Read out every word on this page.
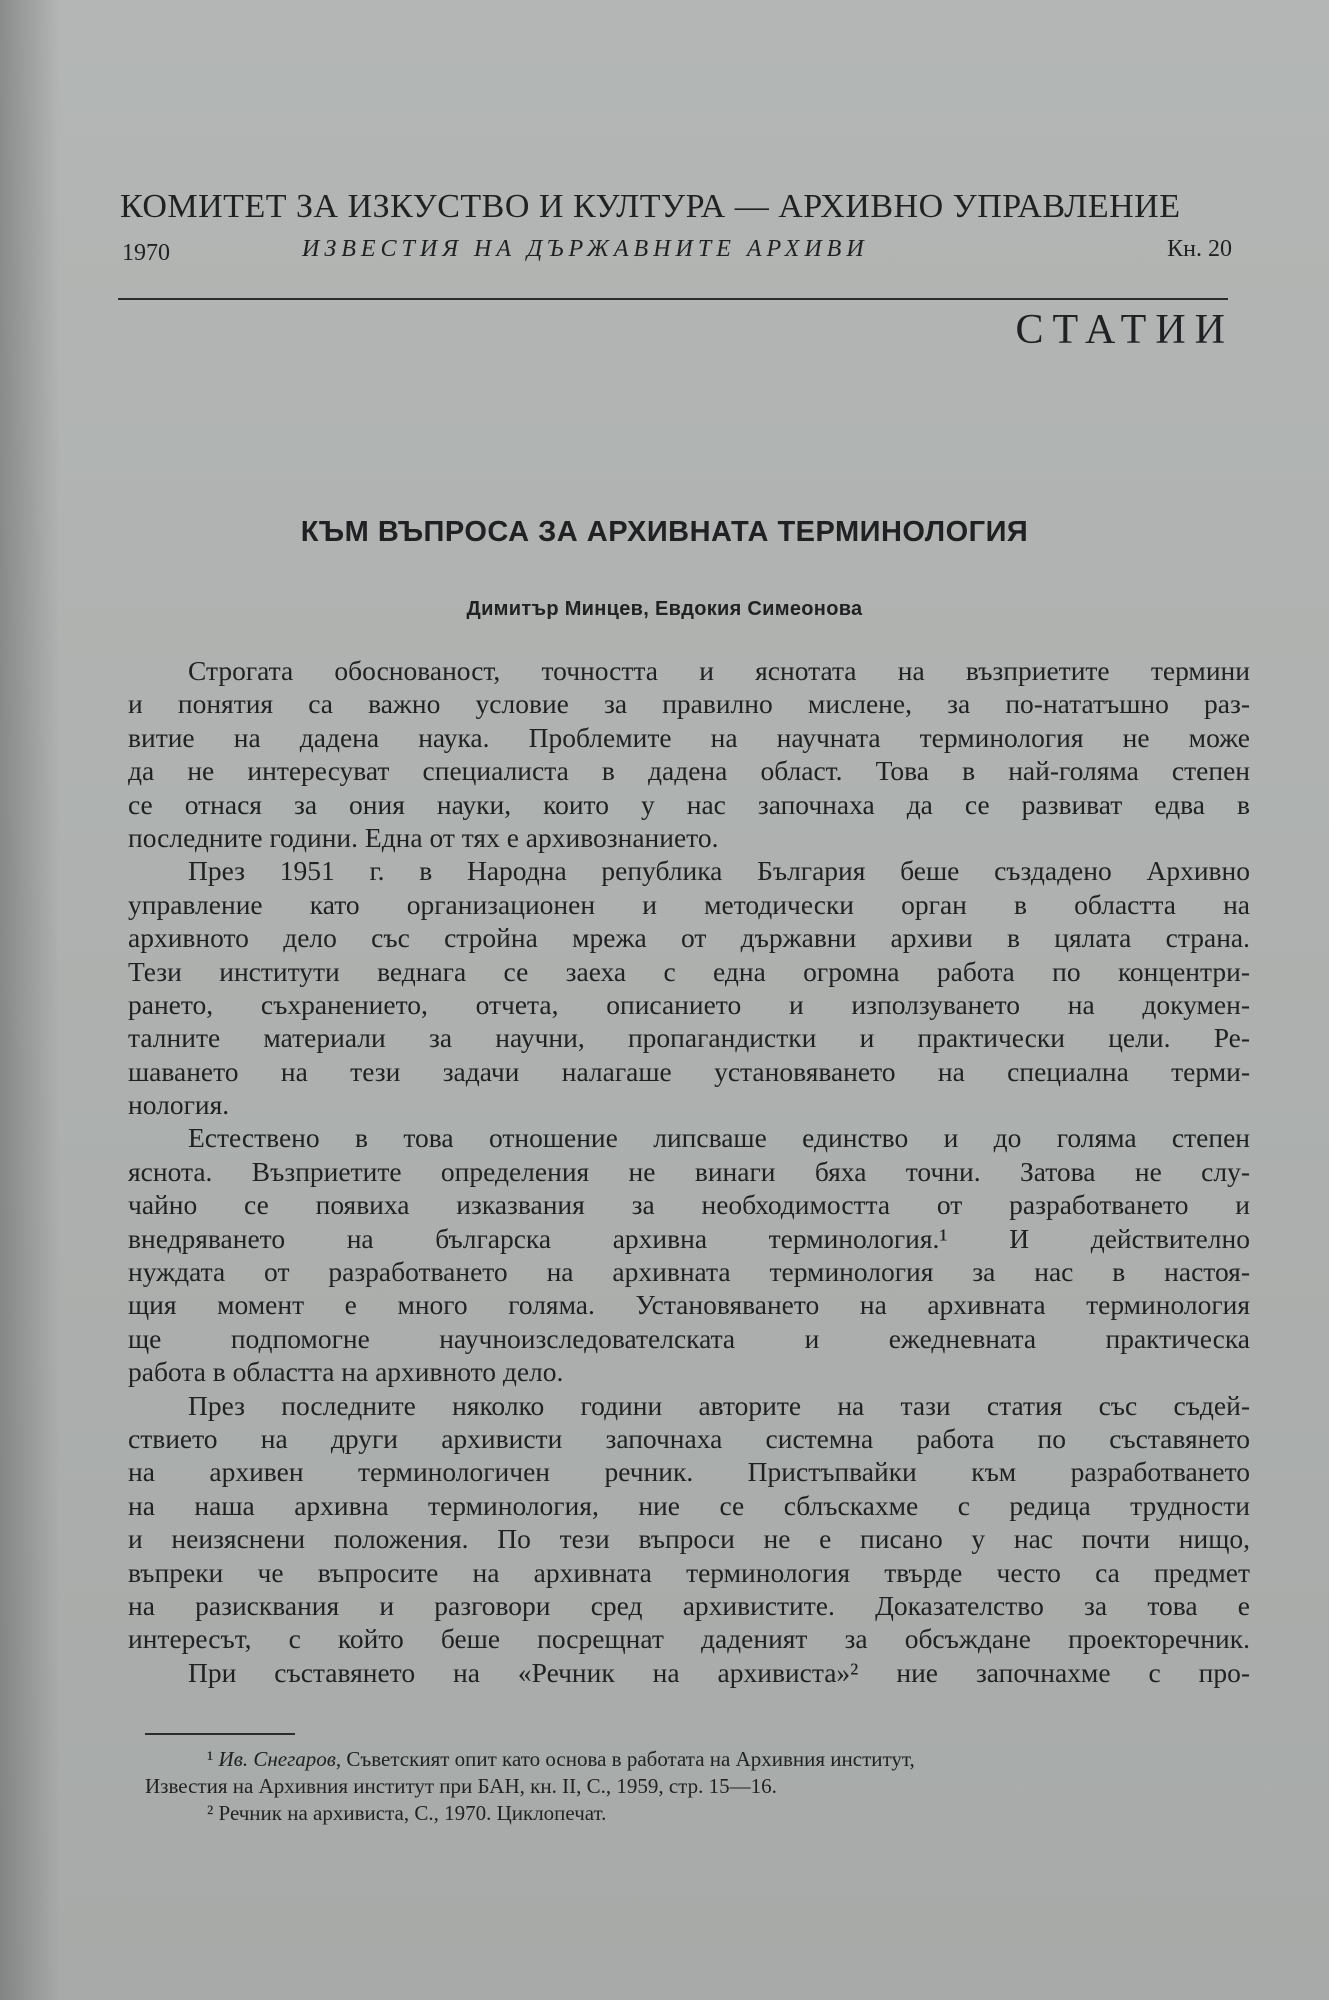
КОМИТЕТ ЗА ИЗКУСТВО И КУЛТУРА — АРХИВНО УПРАВЛЕНИЕ
1970	ИЗВЕСТИЯ НА ДЪРЖАВНИТЕ АРХИВИ	Кн. 20
СТАТИИ
КЪМ ВЪПРОСА ЗА АРХИВНАТА ТЕРМИНОЛОГИЯ
Димитър Минцев, Евдокия Симеонова
Строгата обоснованост, точността и яснотата на възприетите термини
и понятия са важно условие за правилно мислене, за по-нататъшно раз-
витие на дадена наука. Проблемите на научната терминология не може
да не интересуват специалиста в дадена област. Това в най-голяма степен
се отнася за ония науки, които у нас започнаха да се развиват едва в
последните години. Една от тях е архивознанието.
През 1951 г. в Народна република България беше създадено Архивно
управление като организационен и методически орган в областта на
архивното дело със стройна мрежа от държавни архиви в цялата страна.
Тези институти веднага се заеха с една огромна работа по концентри-
рането, съхранението, отчета, описанието и използуването на докумен-
талните материали за научни, пропагандистки и практически цели. Ре-
шаването на тези задачи налагаше установяването на специална терми-
нология.
Естествено в това отношение липсваше единство и до голяма степен
яснота. Възприетите определения не винаги бяха точни. Затова не слу-
чайно се появиха изказвания за необходимостта от разработването и
внедряването на българска архивна терминология.¹ И действително
нуждата от разработването на архивната терминология за нас в настоя-
щия момент е много голяма. Установяването на архивната терминология
ще подпомогне научноизследователската и ежедневната практическа
работа в областта на архивното дело.
През последните няколко години авторите на тази статия със съдей-
ствието на други архивисти започнаха системна работа по съставянето
на архивен терминологичен речник. Пристъпвайки към разработването
на наша архивна терминология, ние се сблъскахме с редица трудности
и неизяснени положения. По тези въпроси не е писано у нас почти нищо,
въпреки че въпросите на архивната терминология твърде често са предмет
на разисквания и разговори сред архивистите. Доказателство за това е
интересът, с който беше посрещнат даденият за обсъждане проекторечник.
При съставянето на «Речник на архивиста»² ние започнахме с про-
¹ Ив. Снегаров, Съветският опит като основа в работата на Архивния институт,
Известия на Архивния институт при БАН, кн. II, С., 1959, стр. 15—16.
² Речник на архивиста, С., 1970. Циклопечат.
